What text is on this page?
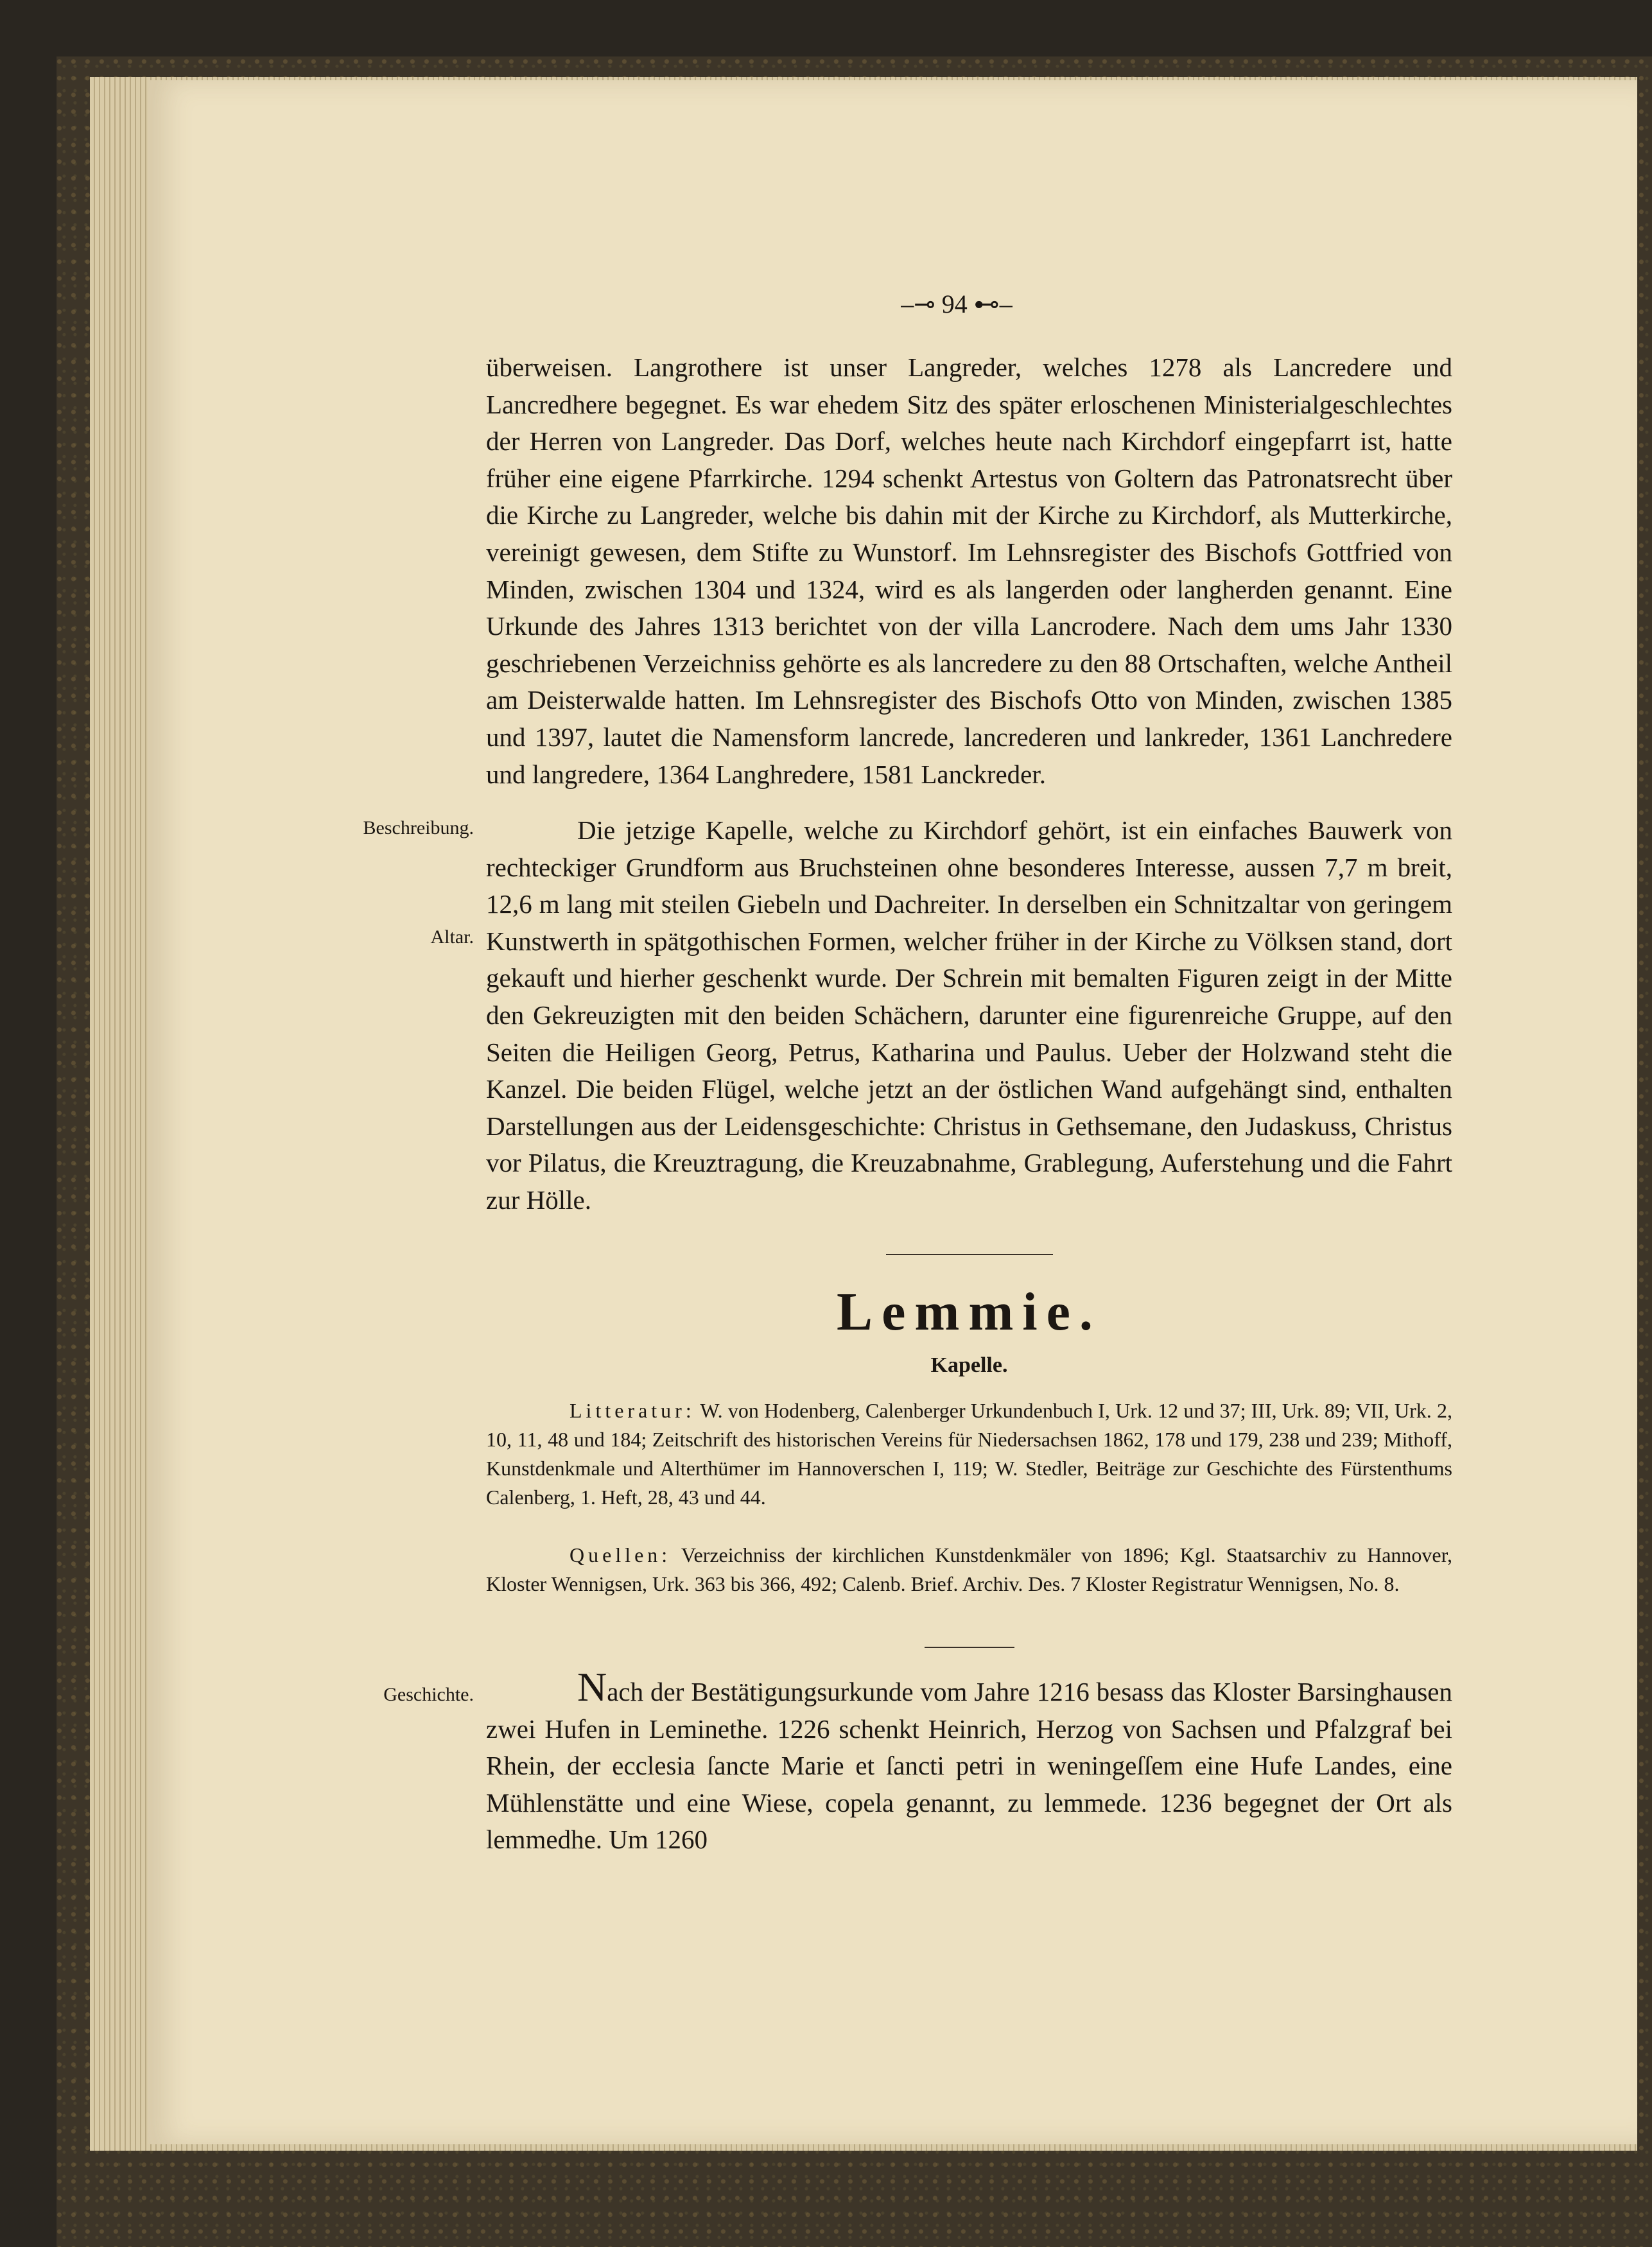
–⊸ 94 ⊷–

überweisen. Langrothere ist unser Langreder, welches 1278 als Lancredere und Lancredhere begegnet. Es war ehedem Sitz des später erloschenen Ministerialgeschlechtes der Herren von Langreder. Das Dorf, welches heute nach Kirchdorf eingepfarrt ist, hatte früher eine eigene Pfarrkirche. 1294 schenkt Artestus von Goltern das Patronatsrecht über die Kirche zu Langreder, welche bis dahin mit der Kirche zu Kirchdorf, als Mutterkirche, vereinigt gewesen, dem Stifte zu Wunstorf. Im Lehnsregister des Bischofs Gottfried von Minden, zwischen 1304 und 1324, wird es als langerden oder langherden genannt. Eine Urkunde des Jahres 1313 berichtet von der villa Lancrodere. Nach dem ums Jahr 1330 geschriebenen Verzeichniss gehörte es als lancredere zu den 88 Ortschaften, welche Antheil am Deisterwalde hatten. Im Lehnsregister des Bischofs Otto von Minden, zwischen 1385 und 1397, lautet die Namensform lancrede, lancrederen und lankreder, 1361 Lanchredere und langredere, 1364 Langhredere, 1581 Lanckreder.

Beschreibung.
Altar.

Die jetzige Kapelle, welche zu Kirchdorf gehört, ist ein einfaches Bauwerk von rechteckiger Grundform aus Bruchsteinen ohne besonderes Interesse, aussen 7,7 m breit, 12,6 m lang mit steilen Giebeln und Dachreiter. In derselben ein Schnitzaltar von geringem Kunstwerth in spätgothischen Formen, welcher früher in der Kirche zu Völksen stand, dort gekauft und hierher geschenkt wurde. Der Schrein mit bemalten Figuren zeigt in der Mitte den Gekreuzigten mit den beiden Schächern, darunter eine figurenreiche Gruppe, auf den Seiten die Heiligen Georg, Petrus, Katharina und Paulus. Ueber der Holzwand steht die Kanzel. Die beiden Flügel, welche jetzt an der östlichen Wand aufgehängt sind, enthalten Darstellungen aus der Leidensgeschichte: Christus in Gethsemane, den Judaskuss, Christus vor Pilatus, die Kreuztragung, die Kreuzabnahme, Grablegung, Auferstehung und die Fahrt zur Hölle.

Lemmie.
Kapelle.

Litteratur: W. von Hodenberg, Calenberger Urkundenbuch I, Urk. 12 und 37; III, Urk. 89; VII, Urk. 2, 10, 11, 48 und 184; Zeitschrift des historischen Vereins für Niedersachsen 1862, 178 und 179, 238 und 239; Mithoff, Kunstdenkmale und Alterthümer im Hannoverschen I, 119; W. Stedler, Beiträge zur Geschichte des Fürstenthums Calenberg, 1. Heft, 28, 43 und 44.

Quellen: Verzeichniss der kirchlichen Kunstdenkmäler von 1896; Kgl. Staatsarchiv zu Hannover, Kloster Wennigsen, Urk. 363 bis 366, 492; Calenb. Brief. Archiv. Des. 7 Kloster Registratur Wennigsen, No. 8.

Geschichte.	Nach der Bestätigungsurkunde vom Jahre 1216 besass das Kloster Barsinghausen zwei Hufen in Leminethe. 1226 schenkt Heinrich, Herzog von Sachsen und Pfalzgraf bei Rhein, der ecclesia ſancte Marie et ſancti petri in weningeſſem eine Hufe Landes, eine Mühlenstätte und eine Wiese, copela genannt, zu lemmede. 1236 begegnet der Ort als lemmedhe. Um 1260
